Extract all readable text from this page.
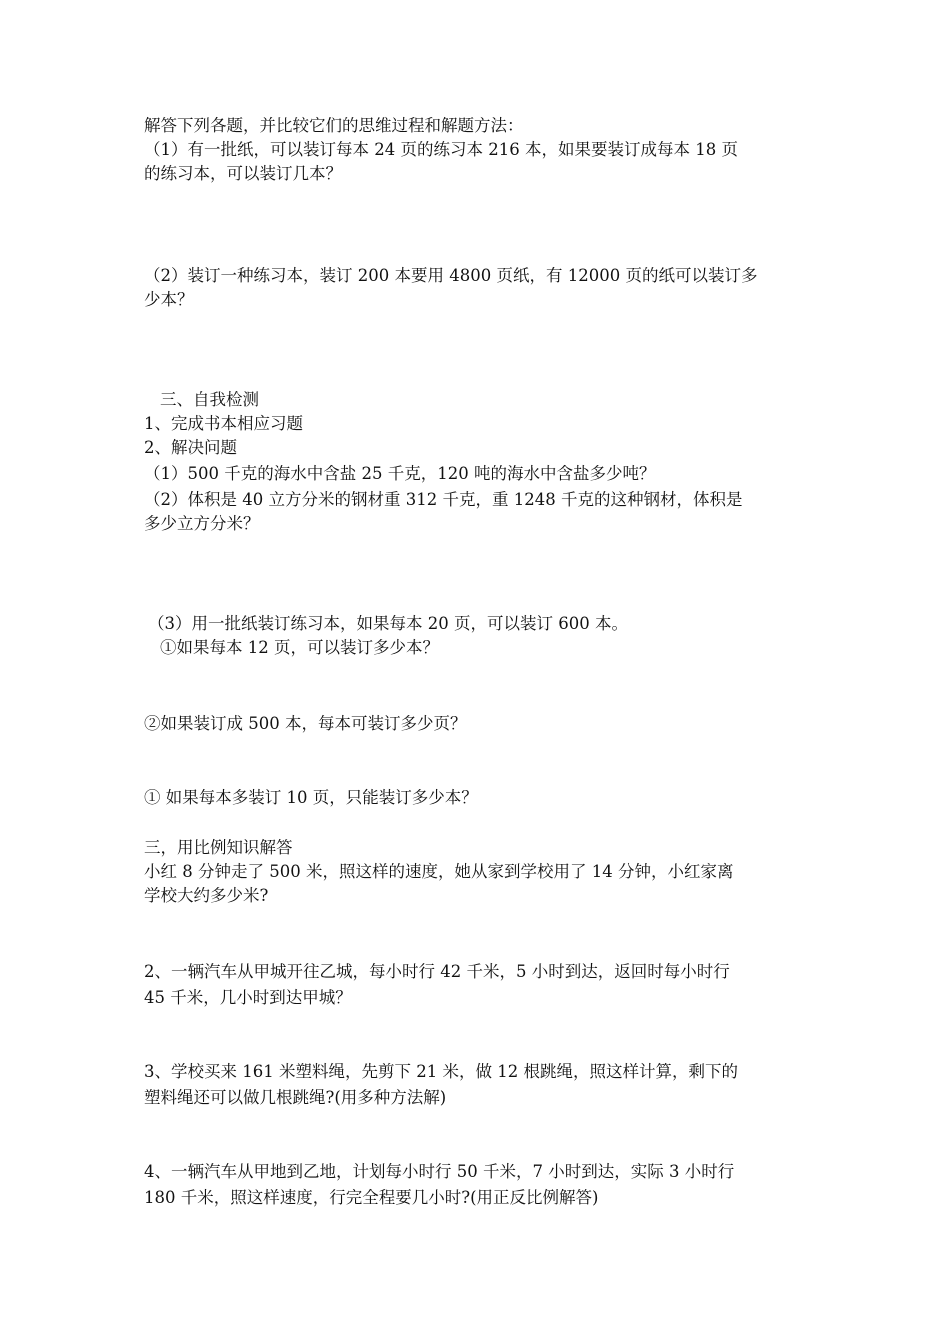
解答下列各题，并比较它们的思维过程和解题方法：
（1）有一批纸，可以装订每本 24 页的练习本 216 本，如果要装订成每本 18 页
的练习本，可以装订几本？
（2）装订一种练习本，装订 200 本要用 4800 页纸，有 12000 页的纸可以装订多
少本？
三、自我检测
1、完成书本相应习题
2、解决问题
（1）500 千克的海水中含盐 25 千克，120 吨的海水中含盐多少吨？
（2）体积是 40 立方分米的钢材重 312 千克，重 1248 千克的这种钢材，体积是
多少立方分米？
（3）用一批纸装订练习本，如果每本 20 页，可以装订 600 本。
①如果每本 12 页，可以装订多少本？
②如果装订成 500 本，每本可装订多少页？
① 如果每本多装订 10 页，只能装订多少本？
三，用比例知识解答
小红 8 分钟走了 500 米，照这样的速度，她从家到学校用了 14 分钟，小红家离
学校大约多少米?
2、一辆汽车从甲城开往乙城，每小时行 42 千米，5 小时到达，返回时每小时行
45 千米，几小时到达甲城？
3、学校买来 161 米塑料绳，先剪下 21 米，做 12 根跳绳，照这样计算，剩下的
塑料绳还可以做几根跳绳?(用多种方法解)
4、一辆汽车从甲地到乙地，计划每小时行 50 千米，7 小时到达，实际 3 小时行
180 千米，照这样速度，行完全程要几小时?(用正反比例解答)
